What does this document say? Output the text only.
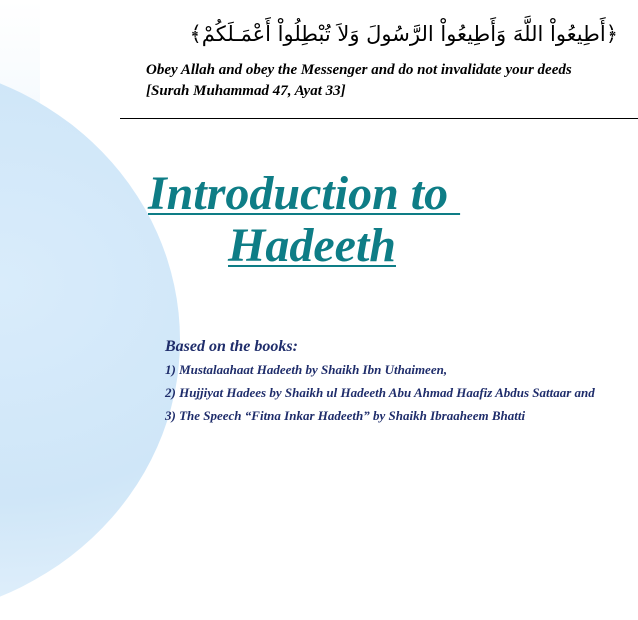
﴿أَطِيعُواْ اللَّهَ وَأَطِيعُواْ الرَّسُولَ وَلاَ تُبْطِلُواْ أَعْمَـلَكُمْ﴾

Obey Allah and obey the Messenger and do not invalidate your deeds [Surah Muhammad 47, Ayat 33]

Introduction to
Hadeeth

Based on the books:

1) Mustalaahaat Hadeeth by Shaikh Ibn Uthaimeen,

2) Hujjiyat Hadees by Shaikh ul Hadeeth Abu Ahmad Haafiz Abdus Sattaar and

3) The Speech “Fitna Inkar Hadeeth” by Shaikh Ibraaheem Bhatti
